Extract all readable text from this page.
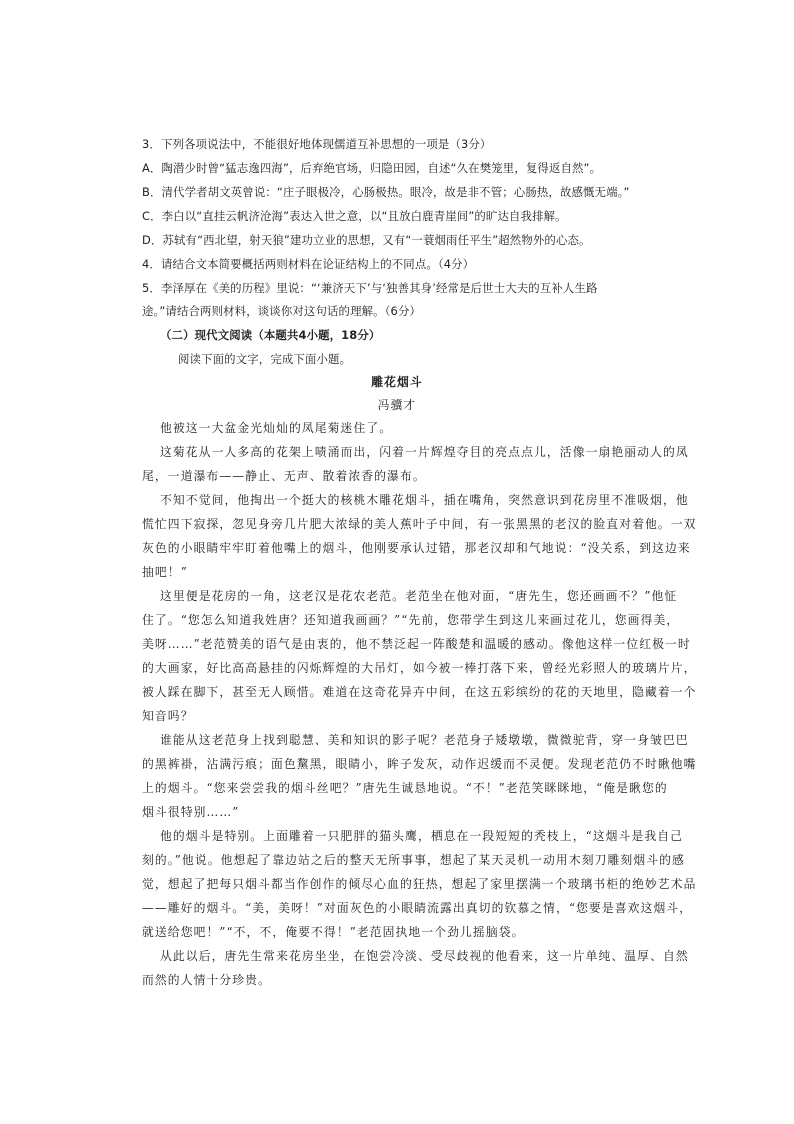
3．下列各项说法中，不能很好地体现儒道互补思想的一项是（3分）
A．陶潜少时曾“猛志逸四海”，后弃绝官场，归隐田园，自述“久在樊笼里，复得返自然”。
B．清代学者胡文英曾说：“庄子眼极冷，心肠极热。眼冷，故是非不管；心肠热，故感慨无端。”
C．李白以“直挂云帆济沧海”表达入世之意，以“且放白鹿青崖间”的旷达自我排解。
D．苏轼有“西北望，射天狼”建功立业的思想，又有“一蓑烟雨任平生”超然物外的心态。
4．请结合文本简要概括两则材料在论证结构上的不同点。（4分）
5．李泽厚在《美的历程》里说：“‘兼济天下’与‘独善其身’经常是后世士大夫的互补人生路
途。”请结合两则材料，谈谈你对这句话的理解。（6分）
（二）现代文阅读（本题共4小题，18分）
阅读下面的文字，完成下面小题。
雕花烟斗
冯骥才
他被这一大盆金光灿灿的凤尾菊迷住了。
这菊花从一人多高的花架上啧涌而出，闪着一片辉煌夺目的亮点点儿，活像一扇艳丽动人的凤
尾，一道瀑布——静止、无声、散着浓香的瀑布。
不知不觉间，他掏出一个挺大的核桃木雕花烟斗，插在嘴角，突然意识到花房里不准吸烟，他
慌忙四下寂探，忽见身旁几片肥大浓绿的美人蕉叶子中间，有一张黑黑的老汉的脸直对着他。一双
灰色的小眼睛牢牢盯着他嘴上的烟斗，他刚要承认过错，那老汉却和气地说：“没关系，到这边来
抽吧！”
这里便是花房的一角，这老汉是花农老范。老范坐在他对面，“唐先生，您还画画不？”他怔
住了。“您怎么知道我姓唐？还知道我画画？”“先前，您带学生到这儿来画过花儿，您画得美，
美呀……”老范赞美的语气是由衷的，他不禁泛起一阵酸楚和温暖的感动。像他这样一位红极一时
的大画家，好比高高悬挂的闪烁辉煌的大吊灯，如今被一棒打落下来，曾经光彩照人的玻璃片片，
被人踩在脚下，甚至无人顾惜。难道在这奇花异卉中间，在这五彩缤纷的花的天地里，隐藏着一个
知音吗？
谁能从这老范身上找到聪慧、美和知识的影子呢？老范身子矮墩墩，微微驼背，穿一身皱巴巴
的黑裤褂，沾满污痕；面色黧黑，眼睛小，眸子发灰，动作迟缓而不灵便。发现老范仍不时瞅他嘴
上的烟斗。“您来尝尝我的烟斗丝吧？”唐先生诚恳地说。“不！”老范笑眯眯地，“俺是瞅您的
烟斗很特别……”
他的烟斗是特别。上面雕着一只肥胖的猫头鹰，栖息在一段短短的秃枝上，“这烟斗是我自己
刻的。”他说。他想起了靠边站之后的整天无所事事，想起了某天灵机一动用木刻刀雕刻烟斗的感
觉，想起了把每只烟斗都当作创作的倾尽心血的狂热，想起了家里摆满一个玻璃书柜的绝妙艺术品
——雕好的烟斗。“美，美呀！”对面灰色的小眼睛流露出真切的钦慕之情，“您要是喜欢这烟斗，
就送给您吧！”“不，不，俺要不得！”老范固执地一个劲儿摇脑袋。
从此以后，唐先生常来花房坐坐，在饱尝冷淡、受尽歧视的他看来，这一片单纯、温厚、自然
而然的人情十分珍贵。
